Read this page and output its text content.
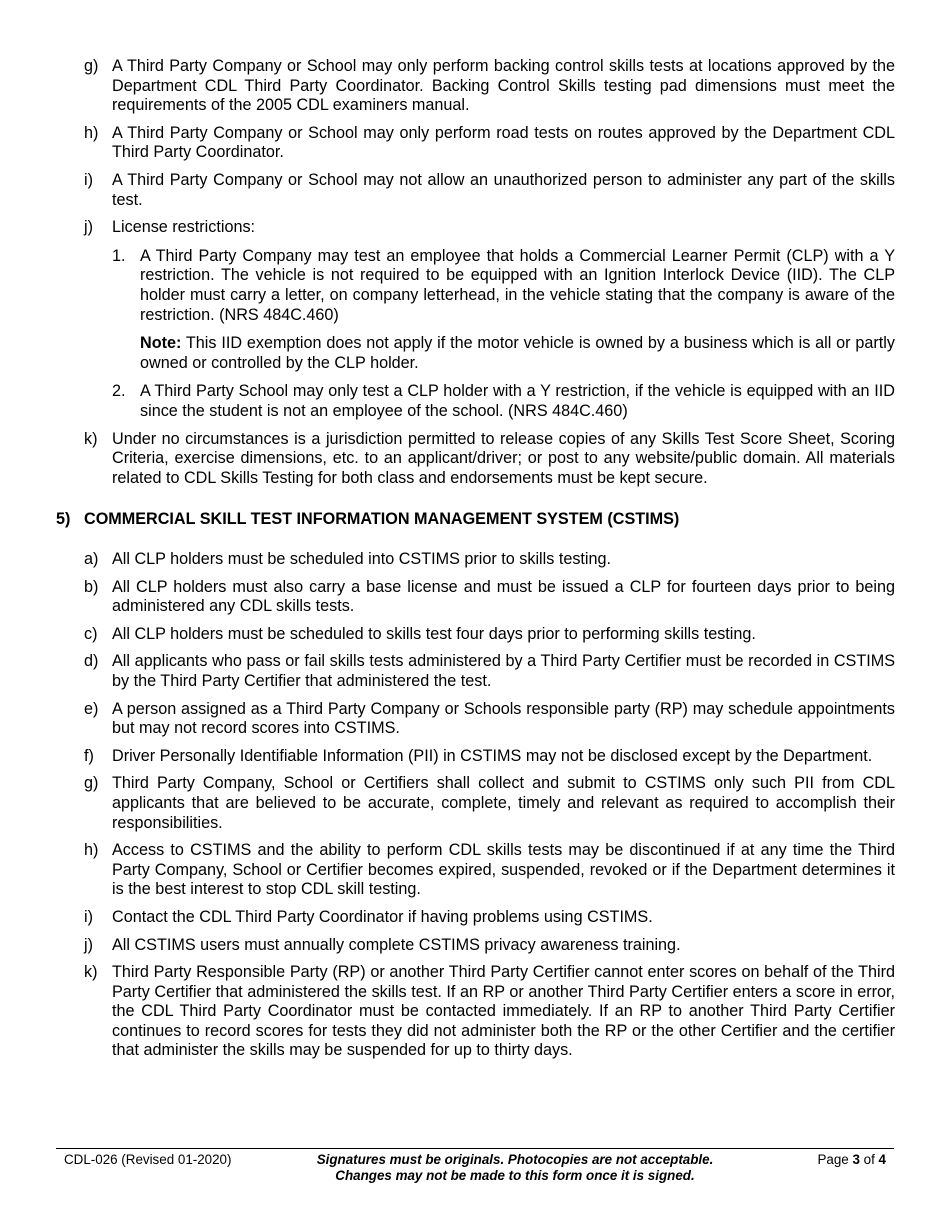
g) A Third Party Company or School may only perform backing control skills tests at locations approved by the Department CDL Third Party Coordinator. Backing Control Skills testing pad dimensions must meet the requirements of the 2005 CDL examiners manual.
h) A Third Party Company or School may only perform road tests on routes approved by the Department CDL Third Party Coordinator.
i)	A Third Party Company or School may not allow an unauthorized person to administer any part of the skills test.
j)	License restrictions:
1. A Third Party Company may test an employee that holds a Commercial Learner Permit (CLP) with a Y restriction. The vehicle is not required to be equipped with an Ignition Interlock Device (IID). The CLP holder must carry a letter, on company letterhead, in the vehicle stating that the company is aware of the restriction. (NRS 484C.460)
Note: This IID exemption does not apply if the motor vehicle is owned by a business which is all or partly owned or controlled by the CLP holder.
2. A Third Party School may only test a CLP holder with a Y restriction, if the vehicle is equipped with an IID since the student is not an employee of the school. (NRS 484C.460)
k) Under no circumstances is a jurisdiction permitted to release copies of any Skills Test Score Sheet, Scoring Criteria, exercise dimensions, etc. to an applicant/driver; or post to any website/public domain. All materials related to CDL Skills Testing for both class and endorsements must be kept secure.
5) COMMERCIAL SKILL TEST INFORMATION MANAGEMENT SYSTEM (CSTIMS)
a) All CLP holders must be scheduled into CSTIMS prior to skills testing.
b) All CLP holders must also carry a base license and must be issued a CLP for fourteen days prior to being administered any CDL skills tests.
c) All CLP holders must be scheduled to skills test four days prior to performing skills testing.
d) All applicants who pass or fail skills tests administered by a Third Party Certifier must be recorded in CSTIMS by the Third Party Certifier that administered the test.
e) A person assigned as a Third Party Company or Schools responsible party (RP) may schedule appointments but may not record scores into CSTIMS.
f)	Driver Personally Identifiable Information (PII) in CSTIMS may not be disclosed except by the Department.
g) Third Party Company, School or Certifiers shall collect and submit to CSTIMS only such PII from CDL applicants that are believed to be accurate, complete, timely and relevant as required to accomplish their responsibilities.
h) Access to CSTIMS and the ability to perform CDL skills tests may be discontinued if at any time the Third Party Company, School or Certifier becomes expired, suspended, revoked or if the Department determines it is the best interest to stop CDL skill testing.
i)	Contact the CDL Third Party Coordinator if having problems using CSTIMS.
j)	All CSTIMS users must annually complete CSTIMS privacy awareness training.
k) Third Party Responsible Party (RP) or another Third Party Certifier cannot enter scores on behalf of the Third Party Certifier that administered the skills test. If an RP or another Third Party Certifier enters a score in error, the CDL Third Party Coordinator must be contacted immediately. If an RP to another Third Party Certifier continues to record scores for tests they did not administer both the RP or the other Certifier and the certifier that administer the skills may be suspended for up to thirty days.
CDL-026 (Revised 01-2020)	Signatures must be originals. Photocopies are not acceptable.
Changes may not be made to this form once it is signed.
Page 3 of 4
